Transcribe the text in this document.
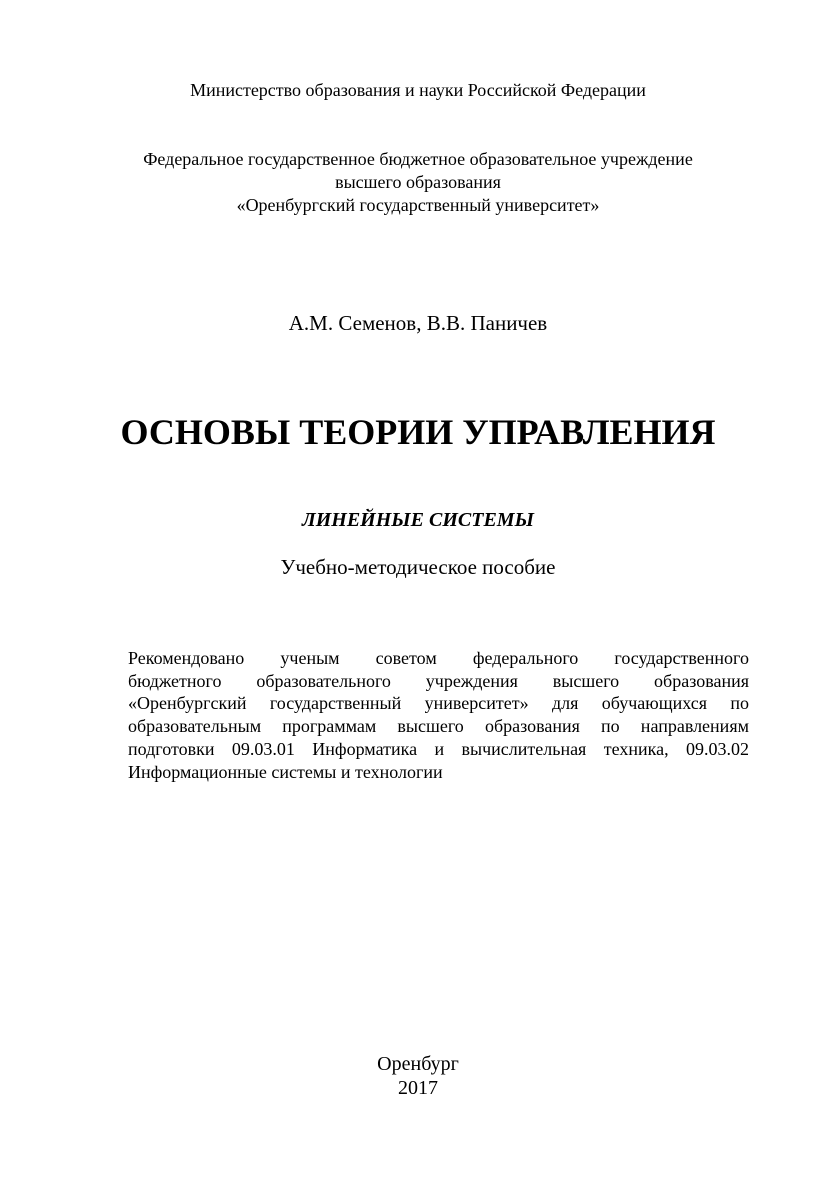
Министерство образования и науки Российской Федерации
Федеральное государственное бюджетное образовательное учреждение
высшего образования
«Оренбургский государственный университет»
А.М. Семенов, В.В. Паничев
ОСНОВЫ ТЕОРИИ УПРАВЛЕНИЯ
ЛИНЕЙНЫЕ СИСТЕМЫ
Учебно-методическое пособие
Рекомендовано ученым советом федерального государственного
бюджетного образовательного учреждения высшего образования
«Оренбургский государственный университет» для обучающихся по
образовательным программам высшего образования по направлениям
подготовки 09.03.01 Информатика и вычислительная техника, 09.03.02
Информационные системы и технологии
Оренбург
2017
